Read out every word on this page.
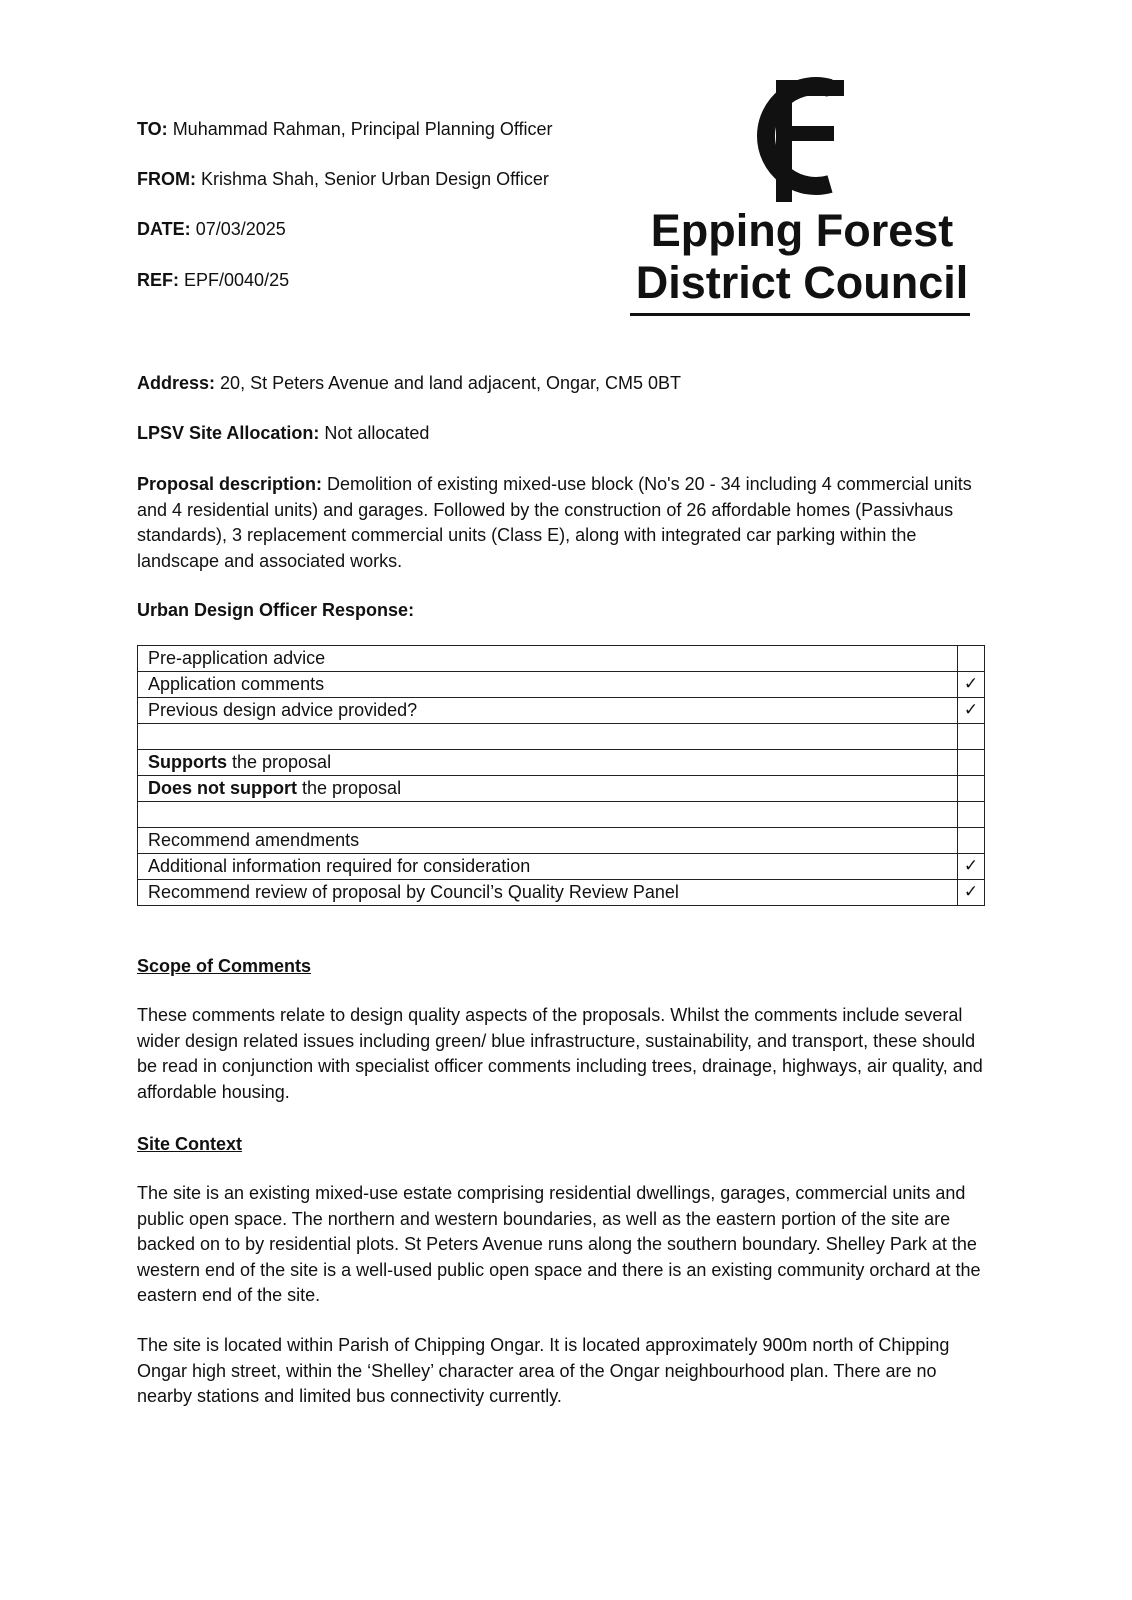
TO: Muhammad Rahman, Principal Planning Officer
FROM: Krishma Shah, Senior Urban Design Officer
DATE: 07/03/2025
REF: EPF/0040/25
Epping Forest
District Council
Address: 20, St Peters Avenue and land adjacent, Ongar, CM5 0BT
LPSV Site Allocation: Not allocated
Proposal description: Demolition of existing mixed-use block (No's 20 - 34 including 4 commercial units and 4 residential units) and garages. Followed by the construction of 26 affordable homes (Passivhaus standards), 3 replacement commercial units (Class E), along with integrated car parking within the landscape and associated works.
Urban Design Officer Response:
Pre-application advice	
Application comments	✓
Previous design advice provided?	✓

Supports the proposal	
Does not support the proposal	

Recommend amendments	
Additional information required for consideration	✓
Recommend review of proposal by Council’s Quality Review Panel	✓
Scope of Comments
These comments relate to design quality aspects of the proposals. Whilst the comments include several wider design related issues including green/ blue infrastructure, sustainability, and transport, these should be read in conjunction with specialist officer comments including trees, drainage, highways, air quality, and affordable housing.
Site Context
The site is an existing mixed-use estate comprising residential dwellings, garages, commercial units and public open space. The northern and western boundaries, as well as the eastern portion of the site are backed on to by residential plots. St Peters Avenue runs along the southern boundary. Shelley Park at the western end of the site is a well-used public open space and there is an existing community orchard at the eastern end of the site.
The site is located within Parish of Chipping Ongar. It is located approximately 900m north of Chipping Ongar high street, within the ‘Shelley’ character area of the Ongar neighbourhood plan. There are no nearby stations and limited bus connectivity currently.
